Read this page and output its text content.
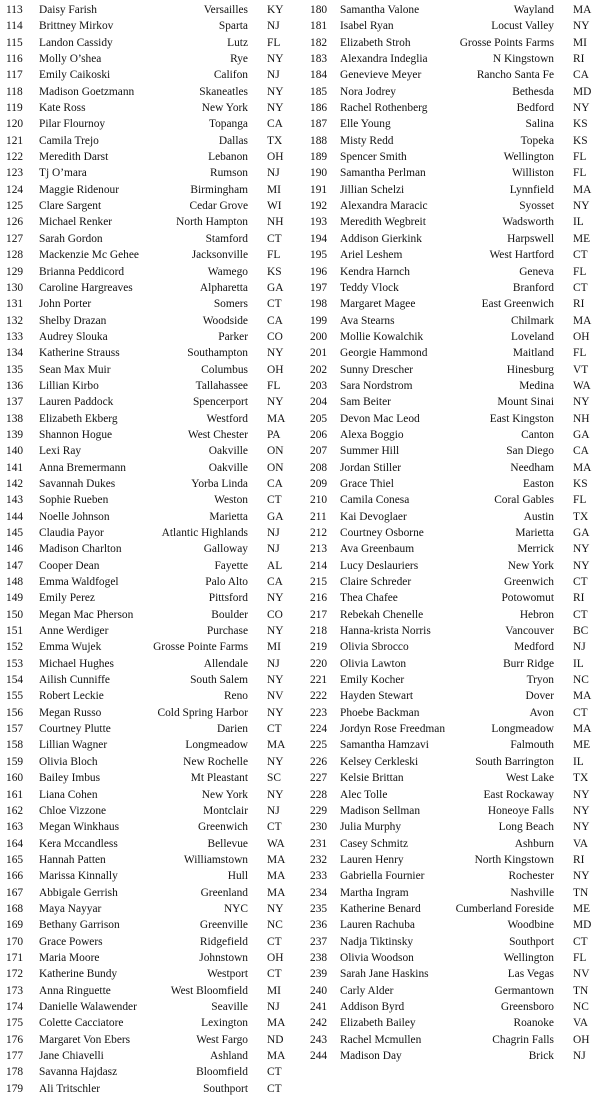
113 Daisy Farish	Versailles KY
114 Brittney Mirkov	Sparta NJ
115 Landon Cassidy	Lutz FL
116 Molly O’shea	Rye NY
117 Emily Caikoski	Califon NJ
118 Madison Goetzmann	Skaneatles NY
119 Kate Ross	New York NY
120 Pilar Flournoy	Topanga CA
121 Camila Trejo	Dallas TX
122 Meredith Darst	Lebanon OH
123 Tj O’mara	Rumson NJ
124 Maggie Ridenour	Birmingham MI
125 Clare Sargent	Cedar Grove WI
126 Michael Renker	North Hampton NH
127 Sarah Gordon	Stamford CT
128 Mackenzie Mc Gehee	Jacksonville FL
129 Brianna Peddicord	Wamego KS
130 Caroline Hargreaves	Alpharetta GA
131 John Porter	Somers CT
132 Shelby Drazan	Woodside CA
133 Audrey Slouka	Parker CO
134 Katherine Strauss	Southampton NY
135 Sean Max Muir	Columbus OH
136 Lillian Kirbo	Tallahassee FL
137 Lauren Paddock	Spencerport NY
138 Elizabeth Ekberg	Westford MA
139 Shannon Hogue	West Chester PA
140 Lexi Ray	Oakville ON
141 Anna Bremermann	Oakville ON
142 Savannah Dukes	Yorba Linda CA
143 Sophie Rueben	Weston CT
144 Noelle Johnson	Marietta GA
145 Claudia Payor	Atlantic Highlands NJ
146 Madison Charlton	Galloway NJ
147 Cooper Dean	Fayette AL
148 Emma Waldfogel	Palo Alto CA
149 Emily Perez	Pittsford NY
150 Megan Mac Pherson	Boulder CO
151 Anne Werdiger	Purchase NY
152 Emma Wujek	Grosse Pointe Farms MI
153 Michael Hughes	Allendale NJ
154 Ailish Cunniffe	South Salem NY
155 Robert Leckie	Reno NV
156 Megan Russo	Cold Spring Harbor NY
157 Courtney Plutte	Darien CT
158 Lillian Wagner	Longmeadow MA
159 Olivia Bloch	New Rochelle NY
160 Bailey Imbus	Mt Pleastant SC
161 Liana Cohen	New York NY
162 Chloe Vizzone	Montclair NJ
163 Megan Winkhaus	Greenwich CT
164 Kera Mccandless	Bellevue WA
165 Hannah Patten	Williamstown MA
166 Marissa Kinnally	Hull MA
167 Abbigale Gerrish	Greenland MA
168 Maya Nayyar	NYC NY
169 Bethany Garrison	Greenville NC
170 Grace Powers	Ridgefield CT
171 Maria Moore	Johnstown OH
172 Katherine Bundy	Westport CT
173 Anna Ringuette	West Bloomfield MI
174 Danielle Walawender	Seaville NJ
175 Colette Cacciatore	Lexington MA
176 Margaret Von Ebers	West Fargo ND
177 Jane Chiavelli	Ashland MA
178 Savanna Hajdasz	Bloomfield CT
179 Ali Tritschler	Southport CT
180 Samantha Valone	Wayland MA
181 Isabel Ryan	Locust Valley NY
182 Elizabeth Stroh	Grosse Points Farms MI
183 Alexandra Indeglia	N Kingstown RI
184 Genevieve Meyer	Rancho Santa Fe CA
185 Nora Jodrey	Bethesda MD
186 Rachel Rothenberg	Bedford NY
187 Elle Young	Salina KS
188 Misty Redd	Topeka KS
189 Spencer Smith	Wellington FL
190 Samantha Perlman	Williston FL
191 Jillian Schelzi	Lynnfield MA
192 Alexandra Maracic	Syosset NY
193 Meredith Wegbreit	Wadsworth IL
194 Addison Gierkink	Harpswell ME
195 Ariel Leshem	West Hartford CT
196 Kendra Harnch	Geneva FL
197 Teddy Vlock	Branford CT
198 Margaret Magee	East Greenwich RI
199 Ava Stearns	Chilmark MA
200 Mollie Kowalchik	Loveland OH
201 Georgie Hammond	Maitland FL
202 Sunny Drescher	Hinesburg VT
203 Sara Nordstrom	Medina WA
204 Sam Beiter	Mount Sinai NY
205 Devon Mac Leod	East Kingston NH
206 Alexa Boggio	Canton GA
207 Summer Hill	San Diego CA
208 Jordan Stiller	Needham MA
209 Grace Thiel	Easton KS
210 Camila Conesa	Coral Gables FL
211 Kai Devoglaer	Austin TX
212 Courtney Osborne	Marietta GA
213 Ava Greenbaum	Merrick NY
214 Lucy Deslauriers	New York NY
215 Claire Schreder	Greenwich CT
216 Thea Chafee	Potowomut RI
217 Rebekah Chenelle	Hebron CT
218 Hanna-krista Norris	Vancouver BC
219 Olivia Sbrocco	Medford NJ
220 Olivia Lawton	Burr Ridge IL
221 Emily Kocher	Tryon NC
222 Hayden Stewart	Dover MA
223 Phoebe Backman	Avon CT
224 Jordyn Rose Freedman	Longmeadow MA
225 Samantha Hamzavi	Falmouth ME
226 Kelsey Cerkleski	South Barrington IL
227 Kelsie Brittan	West Lake TX
228 Alec Tolle	East Rockaway NY
229 Madison Sellman	Honeoye Falls NY
230 Julia Murphy	Long Beach NY
231 Casey Schmitz	Ashburn VA
232 Lauren Henry	North Kingstown RI
233 Gabriella Fournier	Rochester NY
234 Martha Ingram	Nashville TN
235 Katherine Benard	Cumberland Foreside ME
236 Lauren Rachuba	Woodbine MD
237 Nadja Tiktinsky	Southport CT
238 Olivia Woodson	Wellington FL
239 Sarah Jane Haskins	Las Vegas NV
240 Carly Alder	Germantown TN
241 Addison Byrd	Greensboro NC
242 Elizabeth Bailey	Roanoke VA
243 Rachel Mcmullen	Chagrin Falls OH
244 Madison Day	Brick NJ
